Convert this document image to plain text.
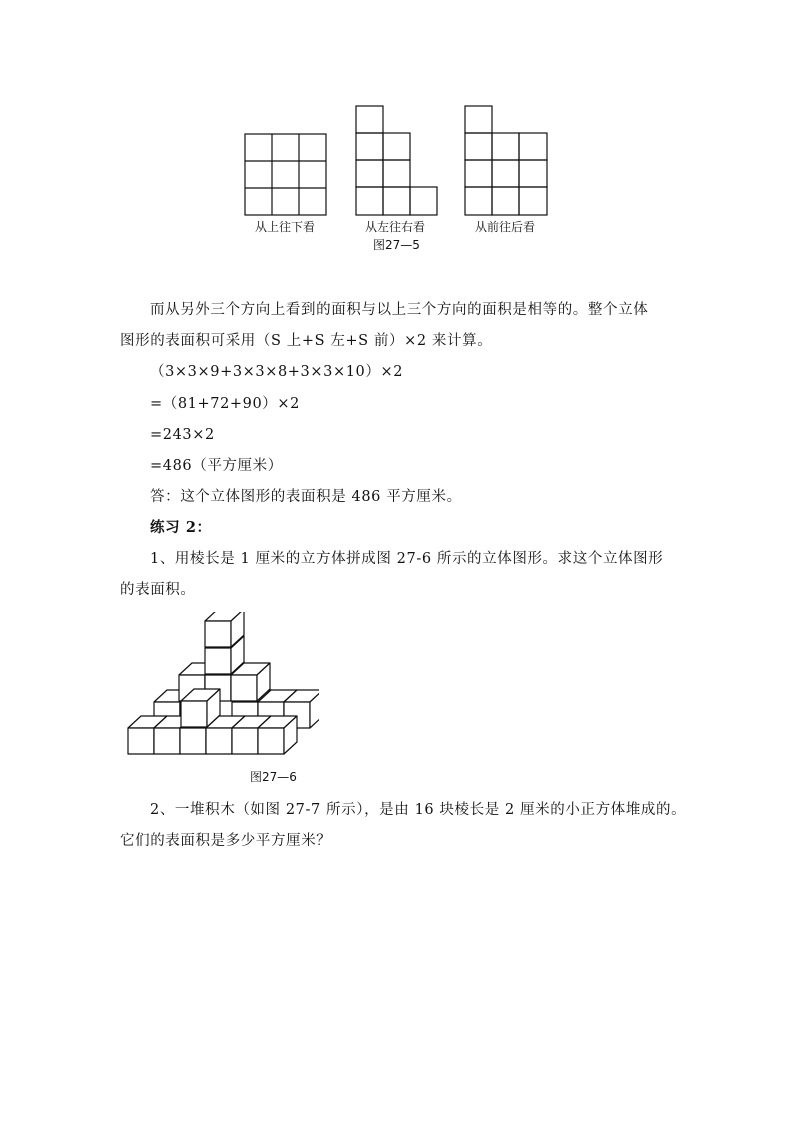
从上往下看	从左往右看	从前往后看
图27—5
而从另外三个方向上看到的面积与以上三个方向的面积是相等的。整个立体
图形的表面积可采用（S 上+S 左+S 前）×2 来计算。
（3×3×9+3×3×8+3×3×10）×2
=（81+72+90）×2
=243×2
=486（平方厘米）
答：这个立体图形的表面积是 486 平方厘米。
练习 2：
1、用棱长是 1 厘米的立方体拼成图 27-6 所示的立体图形。求这个立体图形
的表面积。
图27—6
2、一堆积木（如图 27-7 所示），是由 16 块棱长是 2 厘米的小正方体堆成的。
它们的表面积是多少平方厘米？
